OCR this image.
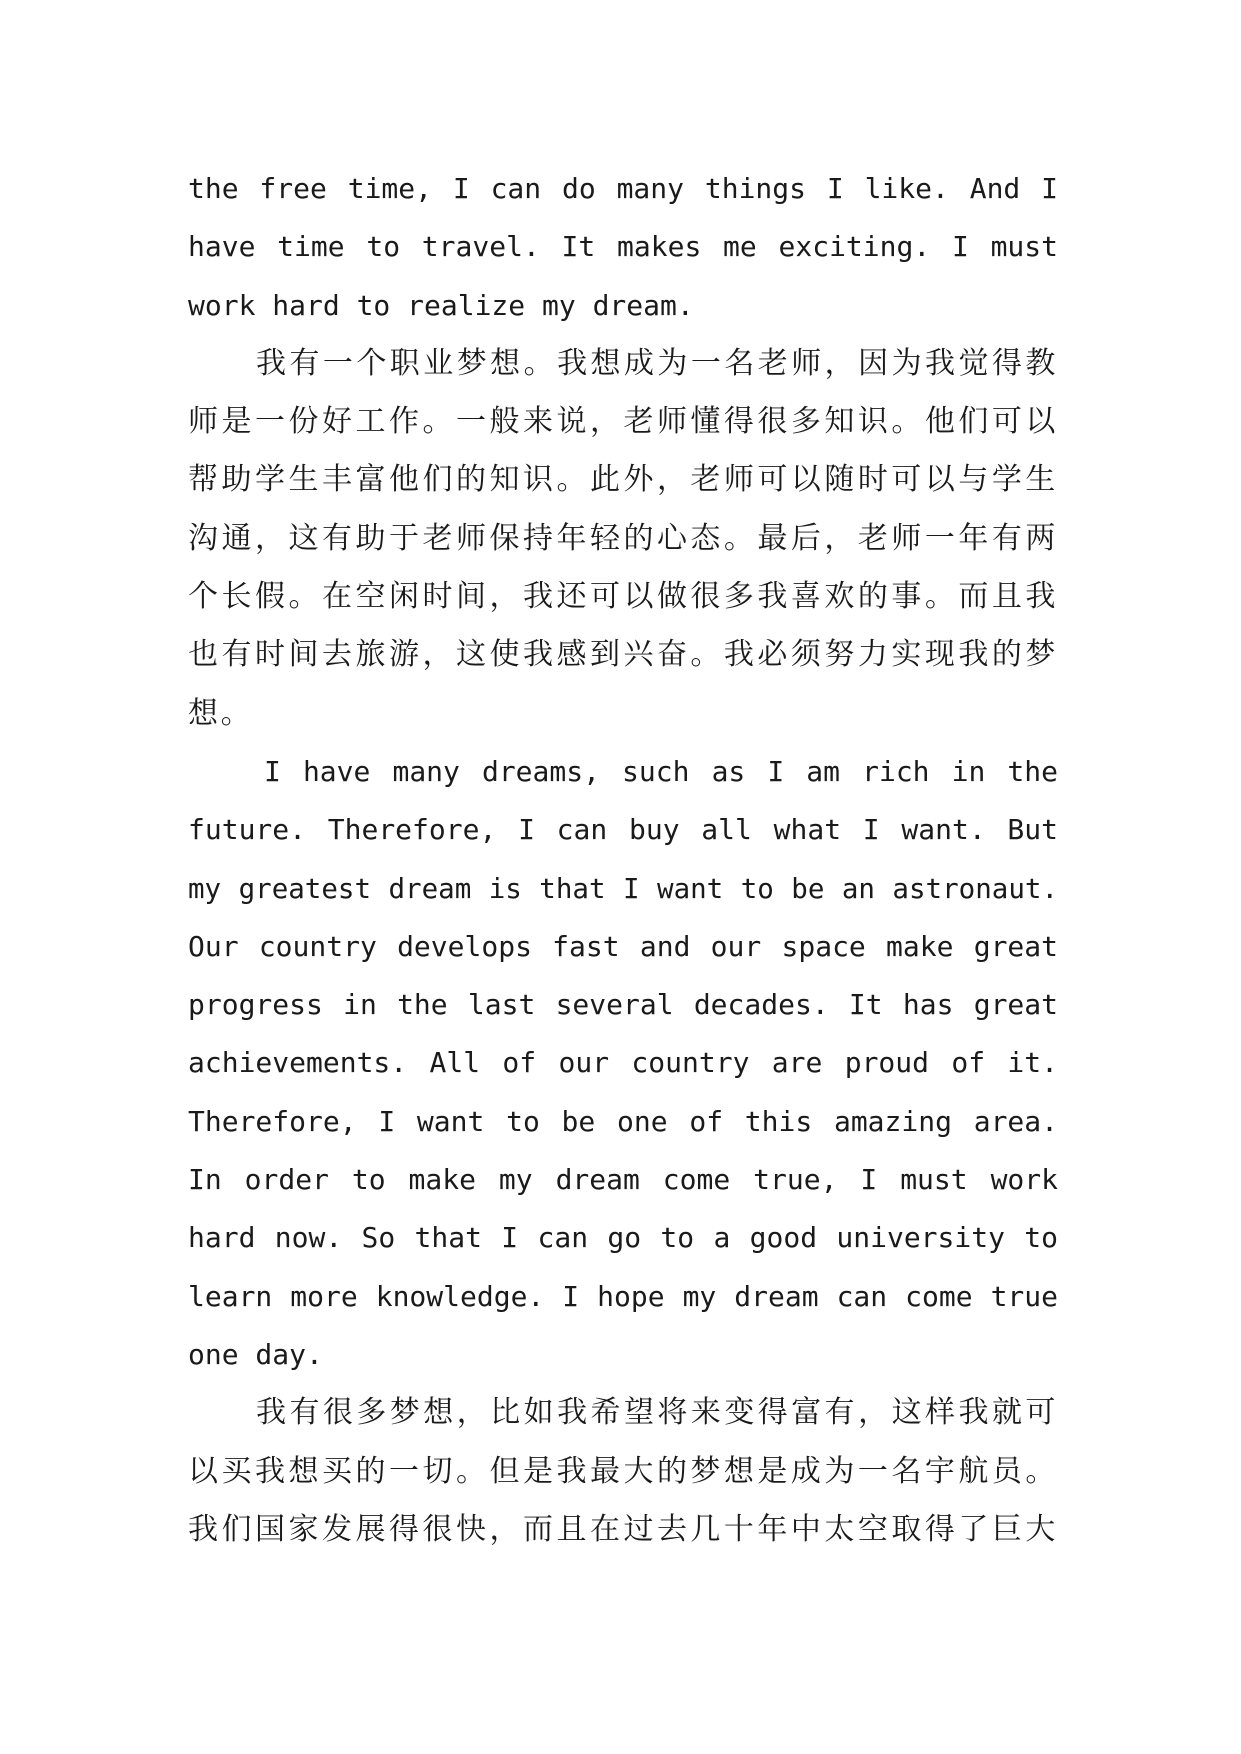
the free time, I can do many things I like. And I
have time to travel. It makes me exciting. I must
work hard to realize my dream.
我有一个职业梦想。我想成为一名老师，因为我觉得教
师是一份好工作。一般来说，老师懂得很多知识。他们可以
帮助学生丰富他们的知识。此外，老师可以随时可以与学生
沟通，这有助于老师保持年轻的心态。最后，老师一年有两
个长假。在空闲时间，我还可以做很多我喜欢的事。而且我
也有时间去旅游，这使我感到兴奋。我必须努力实现我的梦
想。
I have many dreams, such as I am rich in the
future. Therefore, I can buy all what I want. But
my greatest dream is that I want to be an astronaut.
Our country develops fast and our space make great
progress in the last several decades. It has great
achievements. All of our country are proud of it.
Therefore, I want to be one of this amazing area.
In order to make my dream come true, I must work
hard now. So that I can go to a good university to
learn more knowledge. I hope my dream can come true
one day.
我有很多梦想，比如我希望将来变得富有，这样我就可
以买我想买的一切。但是我最大的梦想是成为一名宇航员。
我们国家发展得很快，而且在过去几十年中太空取得了巨大
